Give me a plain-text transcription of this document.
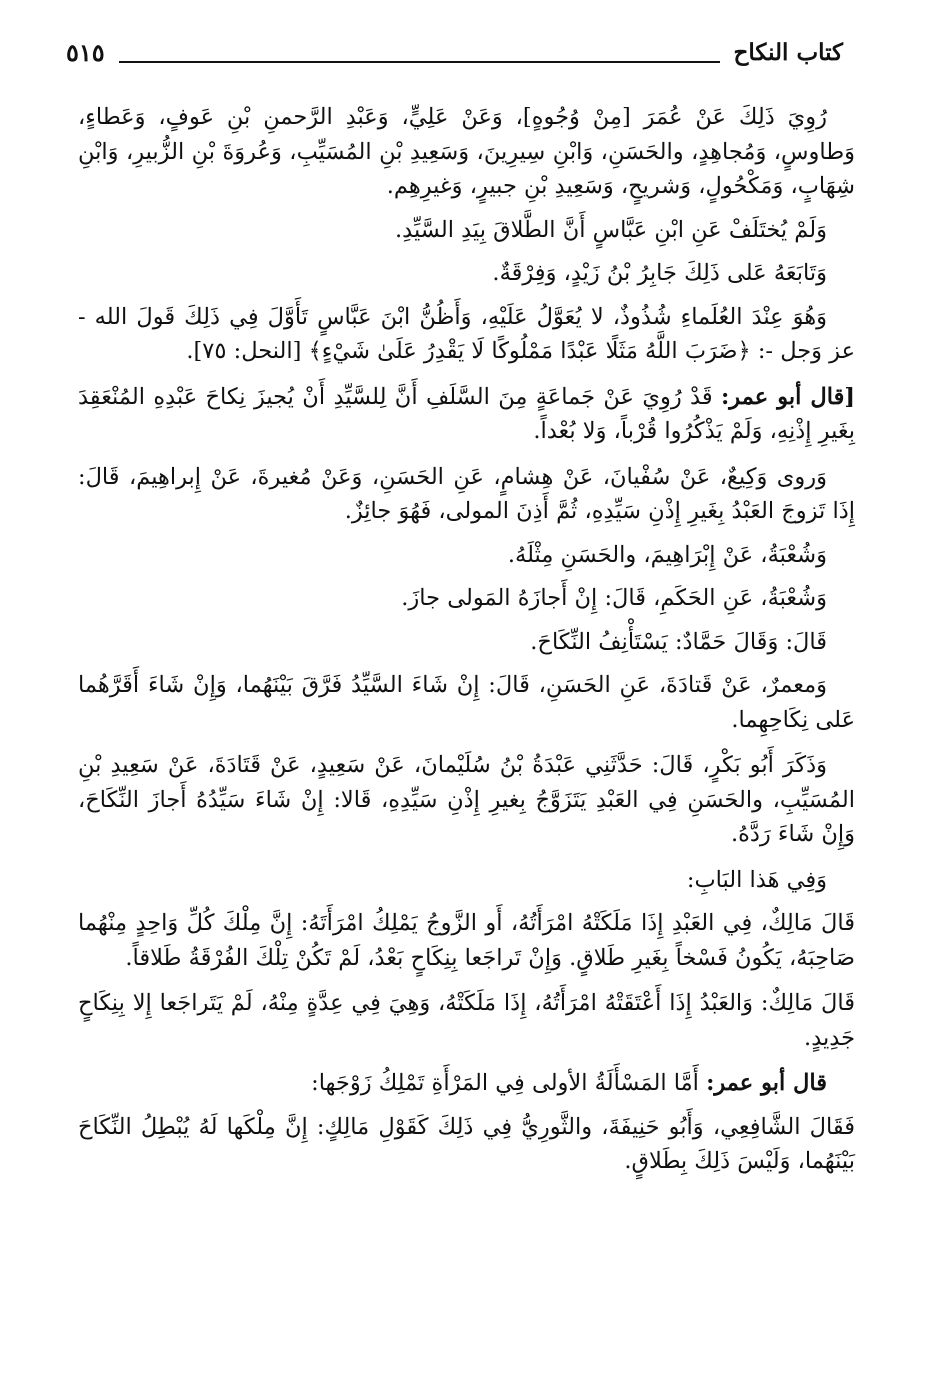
كتاب النكاح
٥١٥

رُوِيَ ذَلِكَ عَنْ عُمَرَ [مِنْ وُجُوهٍ]، وَعَنْ عَلِيٍّ، وَعَبْدِ الرَّحمنِ بْنِ عَوفٍ، وَعَطاءٍ، وَطاوسٍ، وَمُجاهِدٍ، والحَسَنِ، وَابْنِ سِيرِينَ، وَسَعِيدِ بْنِ المُسَيِّبِ، وَعُروَةَ بْنِ الزُّبيرِ، وَابْنِ شِهَابٍ، وَمَكْحُولٍ، وَشريحٍ، وَسَعِيدِ بْنِ جبيرٍ، وَغيرِهِم.

وَلَمْ يُختَلَفْ عَنِ ابْنِ عَبَّاسٍ أَنَّ الطَّلاقَ بِيَدِ السَّيِّدِ.

وَتَابَعَهُ عَلى ذَلِكَ جَابِرُ بْنُ زَيْدٍ، وَفِرْقَةٌ.

وَهُوَ عِنْدَ العُلَماءِ شُذُوذٌ، لا يُعَوَّلُ عَلَيْهِ، وَأَظُنُّ ابْنَ عَبَّاسٍ تَأَوَّلَ فِي ذَلِكَ قَولَ الله - عز وَجل -: ﴿ضَرَبَ اللَّهُ مَثَلًا عَبْدًا مَمْلُوكًا لَا يَقْدِرُ عَلَىٰ شَيْءٍ﴾ [النحل: ٧٥].

[قال أبو عمر: قَدْ رُوِيَ عَنْ جَماعَةٍ مِنَ السَّلَفِ أَنَّ لِلسَّيِّدِ أَنْ يُجيزَ نِكاحَ عَبْدِهِ المُنْعَقِدَ بِغَيرِ إِذْنِهِ، وَلَمْ يَذْكُرُوا قُرْباً، وَلا بُعْداً.

وَروى وَكِيعٌ، عَنْ سُفْيانَ، عَنْ هِشامٍ، عَنِ الحَسَنِ، وَعَنْ مُغيرةَ، عَنْ إِبراهِيمَ، قَالَ: إِذَا تَزوجَ العَبْدُ بِغَيرِ إِذْنِ سَيِّدِهِ، ثُمَّ أَذِنَ المولى، فَهُوَ جائِزٌ.

وَشُعْبَةُ، عَنْ إِبْرَاهِيمَ، والحَسَنِ مِثْلَهُ.

وَشُعْبَةُ، عَنِ الحَكَمِ، قَالَ: إِنْ أَجازَهُ المَولى جازَ.

قَالَ: وَقَالَ حَمَّادٌ: يَسْتَأْنِفُ النِّكَاحَ.

وَمعمرٌ، عَنْ قَتادَةَ، عَنِ الحَسَنِ، قَالَ: إِنْ شَاءَ السَّيِّدُ فَرَّقَ بَيْنَهُما، وَإِنْ شَاءَ أَقَرَّهُما عَلى نِكَاحِهِما.

وَذَكَرَ أَبُو بَكْرٍ، قَالَ: حَدَّثَنِي عَبْدَةُ بْنُ سُلَيْمانَ، عَنْ سَعِيدٍ، عَنْ قَتَادَةَ، عَنْ سَعِيدِ بْنِ المُسَيِّبِ، والحَسَنِ فِي العَبْدِ يَتَزَوَّجُ بِغيرِ إِذْنِ سَيِّدِهِ، قَالا: إِنْ شَاءَ سَيِّدُهُ أَجازَ النِّكَاحَ، وَإِنْ شَاءَ رَدَّهُ.

وَفِي هَذا البَابِ:

قَالَ مَالِكٌ، فِي العَبْدِ إِذَا مَلَكَتْهُ امْرَأَتُهُ، أَو الزَّوجُ يَمْلِكُ امْرَأَتَهُ: إِنَّ مِلْكَ كُلِّ وَاحِدٍ مِنْهُما صَاحِبَهُ، يَكُونُ فَسْخاً بِغَيرِ طَلاقٍ. وَإِنْ تَراجَعا بِنِكَاحٍ بَعْدُ، لَمْ تَكُنْ تِلْكَ الفُرْقَةُ طَلاقاً.

قَالَ مَالِكٌ: وَالعَبْدُ إِذَا أَعْتَقَتْهُ امْرَأَتُهُ، إِذَا مَلَكَتْهُ، وَهِيَ فِي عِدَّةٍ مِنْهُ، لَمْ يَتَراجَعا إِلا بِنِكَاحٍ جَدِيدٍ.

قال أبو عمر: أَمَّا المَسْأَلَةُ الأولى فِي المَرْأَةِ تَمْلِكُ زَوْجَها:

فَقَالَ الشَّافِعِي، وَأَبُو حَنِيفَةَ، والثَّورِيُّ فِي ذَلِكَ كَقَوْلِ مَالِكٍ: إِنَّ مِلْكَها لَهُ يُبْطِلُ النِّكَاحَ بَيْنَهُما، وَلَيْسَ ذَلِكَ بِطَلاقٍ.
